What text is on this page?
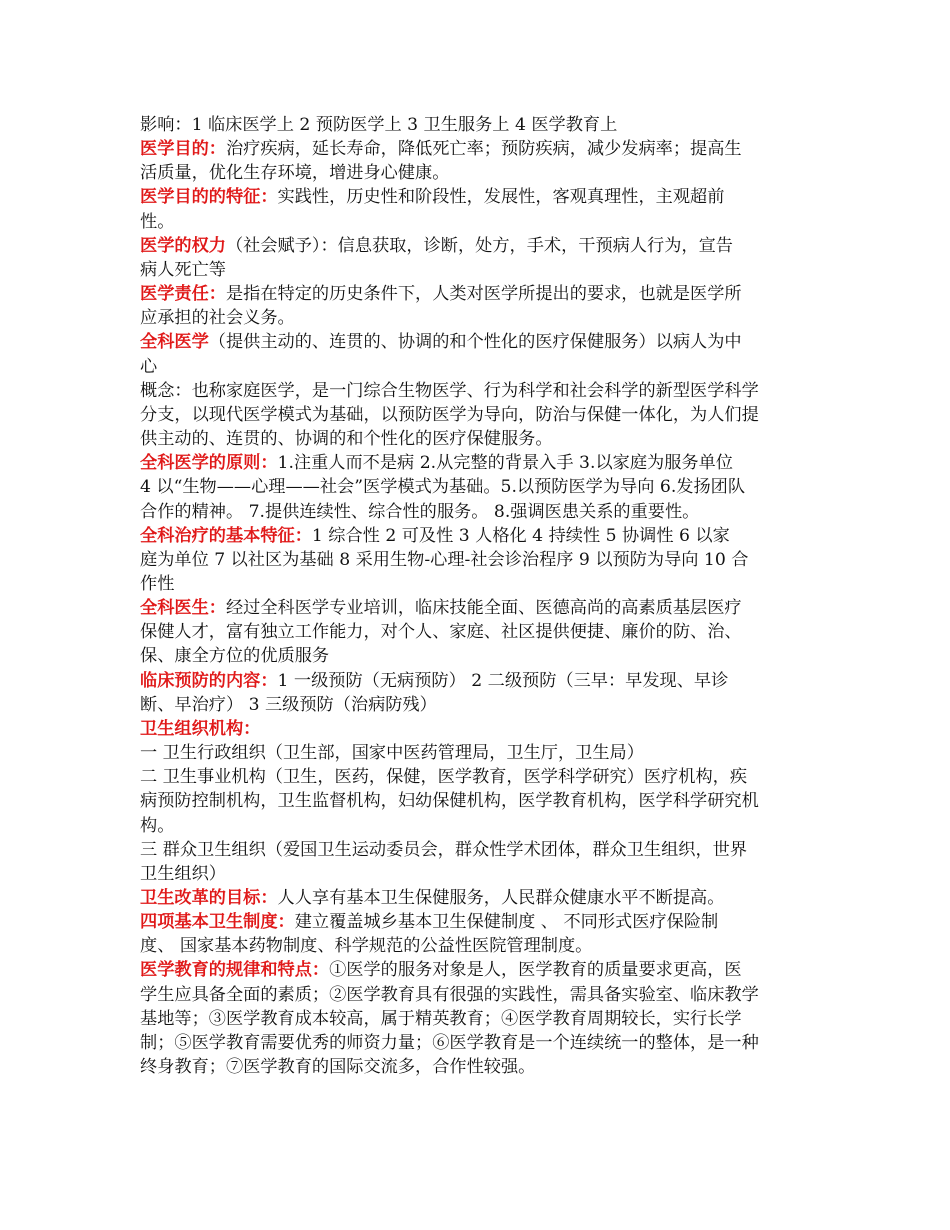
影响：1 临床医学上 2 预防医学上 3 卫生服务上 4 医学教育上
医学目的：治疗疾病，延长寿命，降低死亡率；预防疾病，减少发病率；提高生
活质量，优化生存环境，增进身心健康。
医学目的的特征：实践性，历史性和阶段性，发展性，客观真理性，主观超前
性。
医学的权力（社会赋予）：信息获取，诊断，处方，手术，干预病人行为，宣告
病人死亡等
医学责任：是指在特定的历史条件下，人类对医学所提出的要求，也就是医学所
应承担的社会义务。
全科医学（提供主动的、连贯的、协调的和个性化的医疗保健服务）以病人为中
心
概念：也称家庭医学，是一门综合生物医学、行为科学和社会科学的新型医学科学
分支，以现代医学模式为基础，以预防医学为导向，防治与保健一体化，为人们提
供主动的、连贯的、协调的和个性化的医疗保健服务。
全科医学的原则：1.注重人而不是病 2.从完整的背景入手 3.以家庭为服务单位
4 以“生物——心理——社会”医学模式为基础。5.以预防医学为导向 6.发扬团队
合作的精神。 7.提供连续性、综合性的服务。 8.强调医患关系的重要性。
全科治疗的基本特征：1 综合性 2 可及性 3 人格化 4 持续性 5 协调性 6 以家
庭为单位 7 以社区为基础 8 采用生物-心理-社会诊治程序 9 以预防为导向 10 合
作性
全科医生：经过全科医学专业培训，临床技能全面、医德高尚的高素质基层医疗
保健人才，富有独立工作能力，对个人、家庭、社区提供便捷、廉价的防、治、
保、康全方位的优质服务
临床预防的内容：1 一级预防（无病预防） 2 二级预防（三早：早发现、早诊
断、早治疗） 3 三级预防（治病防残）
卫生组织机构：
一 卫生行政组织（卫生部，国家中医药管理局，卫生厅，卫生局）
二 卫生事业机构（卫生，医药，保健，医学教育，医学科学研究）医疗机构，疾
病预防控制机构，卫生监督机构，妇幼保健机构，医学教育机构，医学科学研究机
构。
三 群众卫生组织（爱国卫生运动委员会，群众性学术团体，群众卫生组织，世界
卫生组织）
卫生改革的目标：人人享有基本卫生保健服务，人民群众健康水平不断提高。
四项基本卫生制度：建立覆盖城乡基本卫生保健制度 、 不同形式医疗保险制
度、 国家基本药物制度、科学规范的公益性医院管理制度。
医学教育的规律和特点：①医学的服务对象是人，医学教育的质量要求更高，医
学生应具备全面的素质；②医学教育具有很强的实践性，需具备实验室、临床教学
基地等；③医学教育成本较高，属于精英教育；④医学教育周期较长，实行长学
制；⑤医学教育需要优秀的师资力量；⑥医学教育是一个连续统一的整体，是一种
终身教育；⑦医学教育的国际交流多，合作性较强。
